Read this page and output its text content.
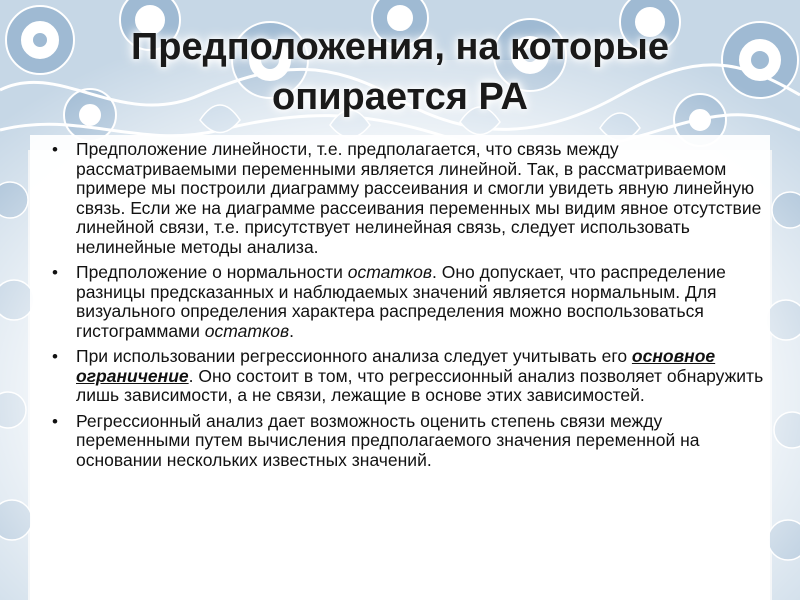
Предположения, на которые
опирается РА
• Предположение линейности, т.е. предполагается, что связь между рассматриваемыми переменными является линейной. Так, в рассматриваемом примере мы построили диаграмму рассеивания и смогли увидеть явную линейную связь. Если же на диаграмме рассеивания переменных мы видим явное отсутствие линейной связи, т.е. присутствует нелинейная связь, следует использовать нелинейные методы анализа.
• Предположение о нормальности остатков. Оно допускает, что распределение разницы предсказанных и наблюдаемых значений является нормальным. Для визуального определения характера распределения можно воспользоваться гистограммами остатков.
• При использовании регрессионного анализа следует учитывать его основное ограничение. Оно состоит в том, что регрессионный анализ позволяет обнаружить лишь зависимости, а не связи, лежащие в основе этих зависимостей.
• Регрессионный анализ дает возможность оценить степень связи между переменными путем вычисления предполагаемого значения переменной на основании нескольких известных значений.
